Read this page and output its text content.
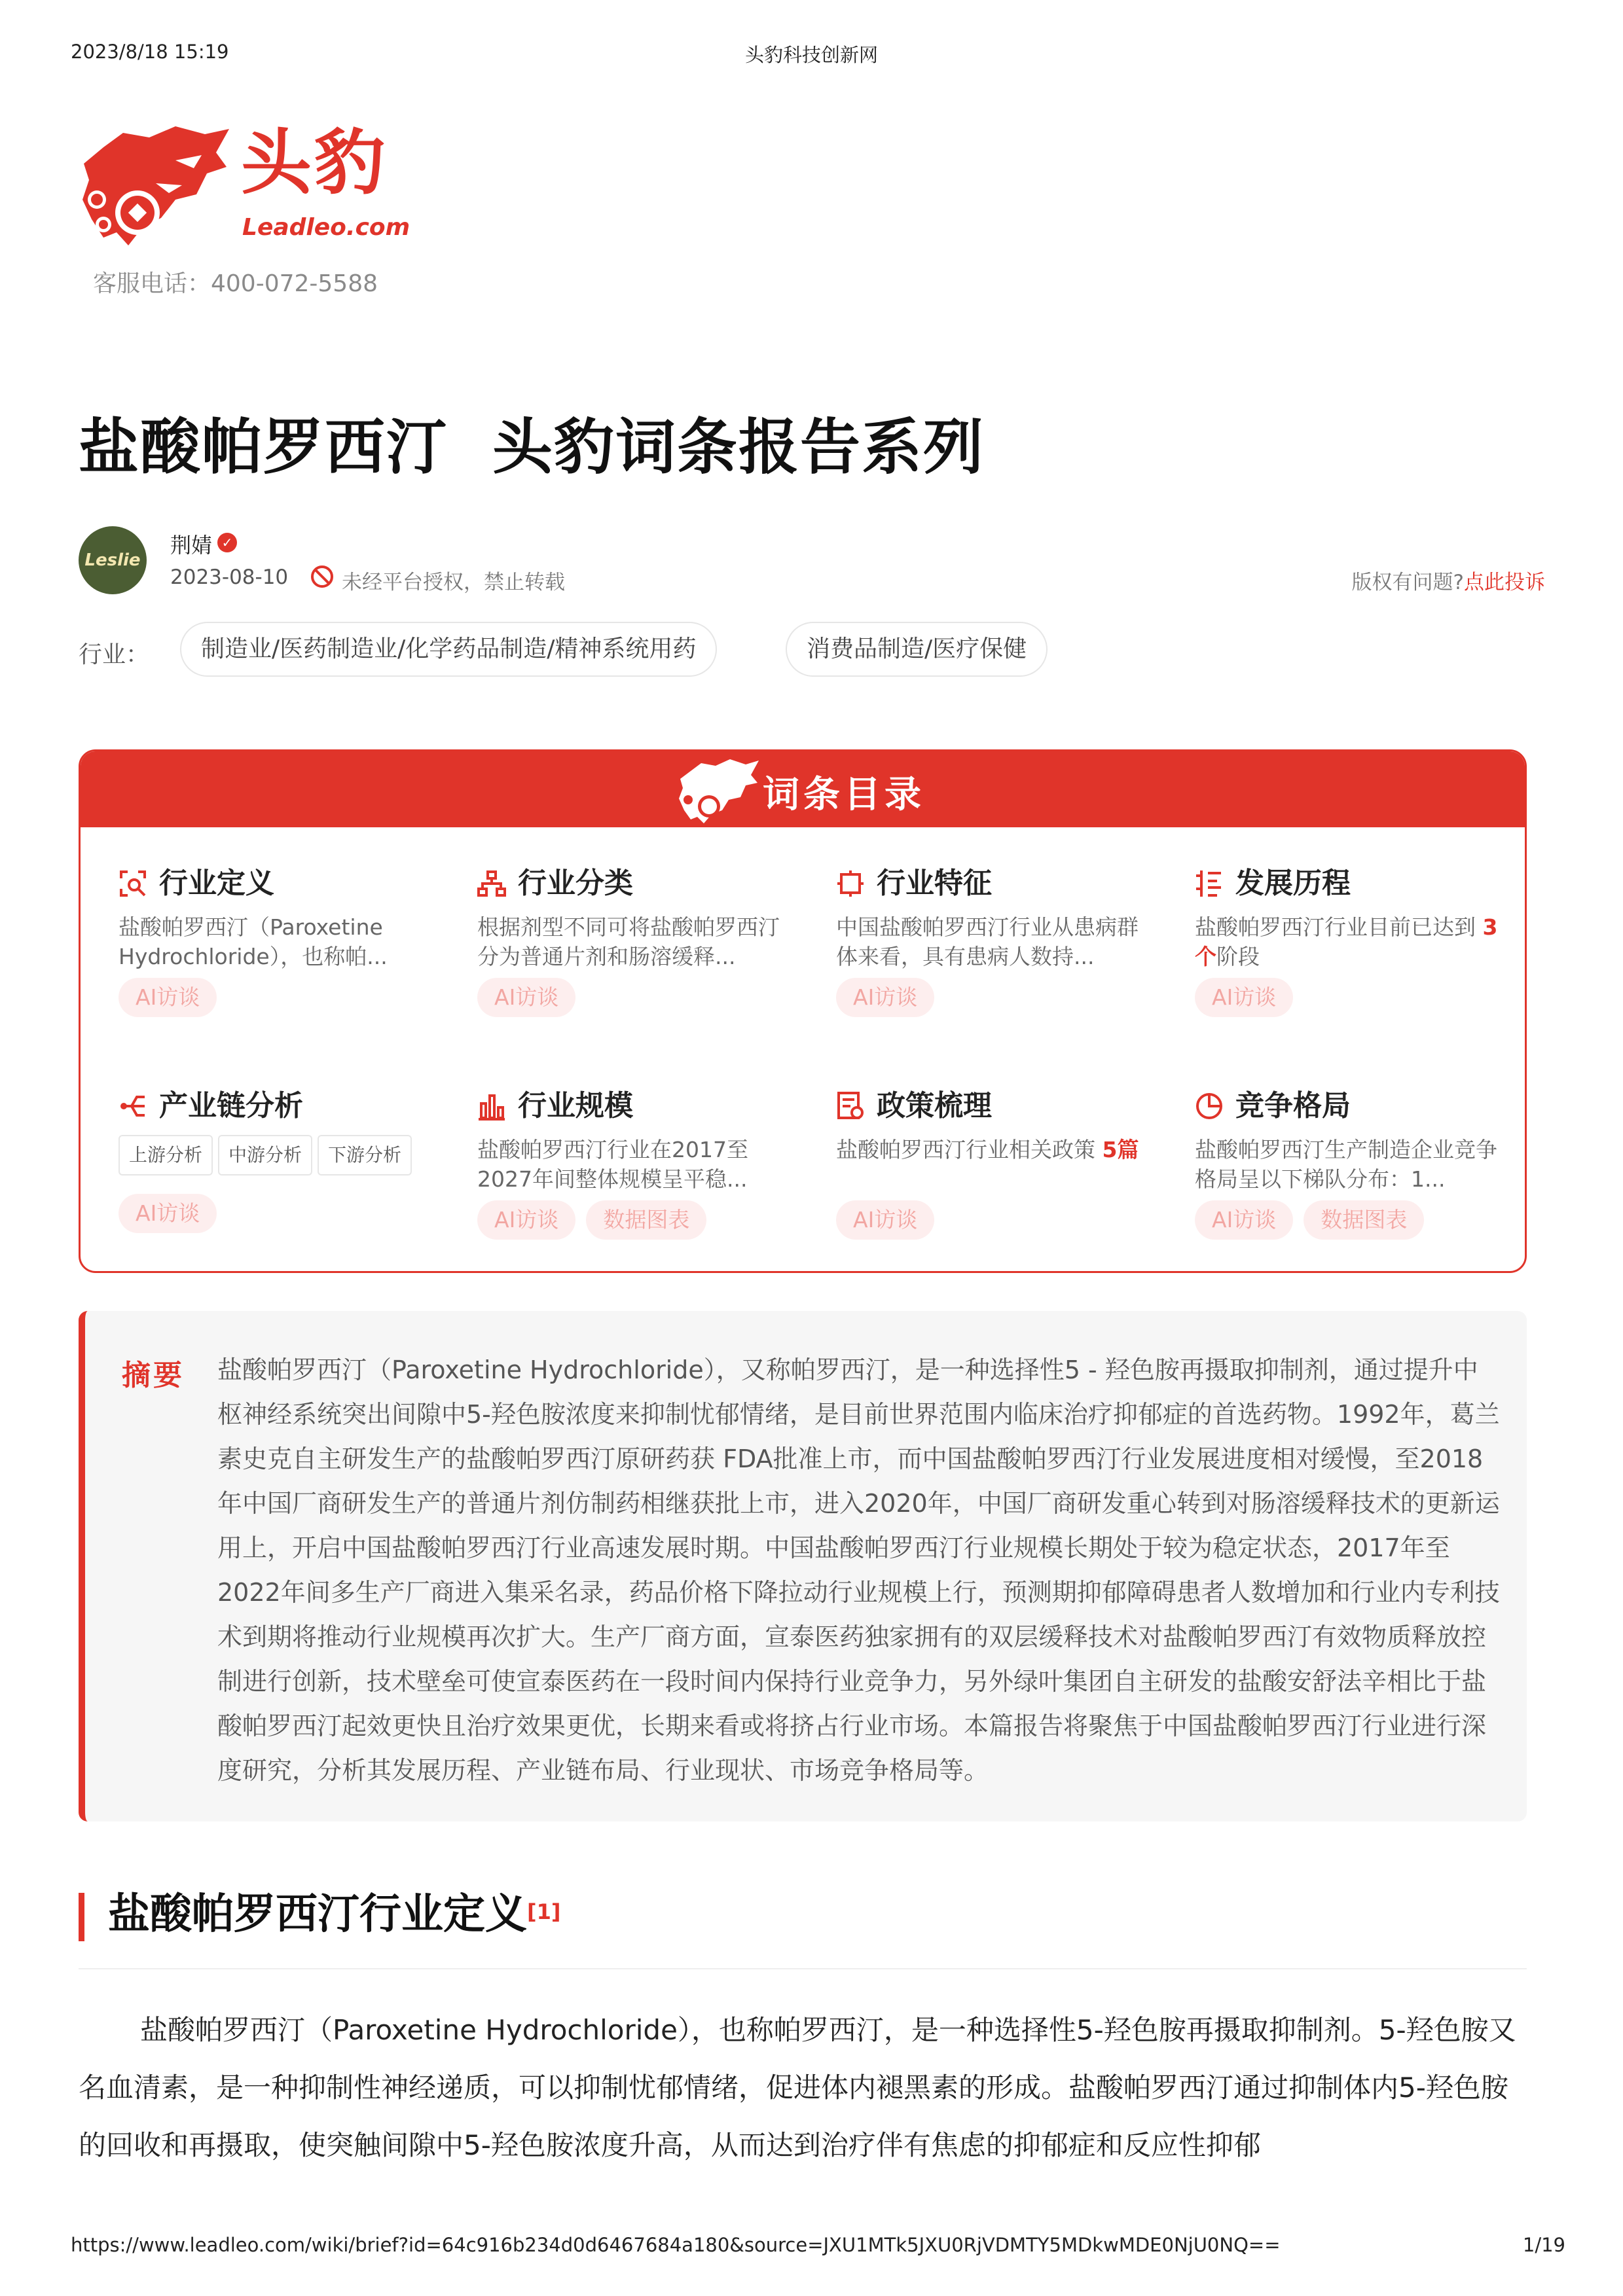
2023/8/18 15:19	头豹科技创新网
头豹
Leadleo.com
客服电话：400-072-5588
盐酸帕罗西汀  头豹词条报告系列
Leslie
荆婧 ✓
2023-08-10	未经平台授权，禁止转载	版权有问题?点此投诉
行业：	制造业/医药制造业/化学药品制造/精神系统用药	消费品制造/医疗保健
词条目录
行业定义
盐酸帕罗西汀（Paroxetine Hydrochloride），也称帕...
AI访谈
行业分类
根据剂型不同可将盐酸帕罗西汀分为普通片剂和肠溶缓释...
AI访谈
行业特征
中国盐酸帕罗西汀行业从患病群体来看，具有患病人数持...
AI访谈
发展历程
盐酸帕罗西汀行业目前已达到 3个阶段
AI访谈
产业链分析
上游分析 中游分析 下游分析
AI访谈
行业规模
盐酸帕罗西汀行业在2017至2027年间整体规模呈平稳...
AI访谈 数据图表
政策梳理
盐酸帕罗西汀行业相关政策 5篇
AI访谈
竞争格局
盐酸帕罗西汀生产制造企业竞争格局呈以下梯队分布：1...
AI访谈 数据图表
摘要 盐酸帕罗西汀（Paroxetine Hydrochloride），又称帕罗西汀，是一种选择性5 - 羟色胺再摄取抑制剂，通过提升中枢神经系统突出间隙中5-羟色胺浓度来抑制忧郁情绪，是目前世界范围内临床治疗抑郁症的首选药物。1992年，葛兰素史克自主研发生产的盐酸帕罗西汀原研药获 FDA批准上市，而中国盐酸帕罗西汀行业发展进度相对缓慢，至2018年中国厂商研发生产的普通片剂仿制药相继获批上市，进入2020年，中国厂商研发重心转到对肠溶缓释技术的更新运用上，开启中国盐酸帕罗西汀行业高速发展时期。中国盐酸帕罗西汀行业规模长期处于较为稳定状态，2017年至2022年间多生产厂商进入集采名录，药品价格下降拉动行业规模上行，预测期抑郁障碍患者人数增加和行业内专利技术到期将推动行业规模再次扩大。生产厂商方面，宣泰医药独家拥有的双层缓释技术对盐酸帕罗西汀有效物质释放控制进行创新，技术壁垒可使宣泰医药在一段时间内保持行业竞争力，另外绿叶集团自主研发的盐酸安舒法辛相比于盐酸帕罗西汀起效更快且治疗效果更优，长期来看或将挤占行业市场。本篇报告将聚焦于中国盐酸帕罗西汀行业进行深度研究，分析其发展历程、产业链布局、行业现状、市场竞争格局等。
盐酸帕罗西汀行业定义[1]
盐酸帕罗西汀（Paroxetine Hydrochloride），也称帕罗西汀，是一种选择性5-羟色胺再摄取抑制剂。5-羟色胺又名血清素，是一种抑制性神经递质，可以抑制忧郁情绪，促进体内褪黑素的形成。盐酸帕罗西汀通过抑制体内5-羟色胺的回收和再摄取，使突触间隙中5-羟色胺浓度升高，从而达到治疗伴有焦虑的抑郁症和反应性抑郁
https://www.leadleo.com/wiki/brief?id=64c916b234d0d6467684a180&source=JXU1MTk5JXU0RjVDMTY5MDkwMDE0NjU0NQ==	1/19
